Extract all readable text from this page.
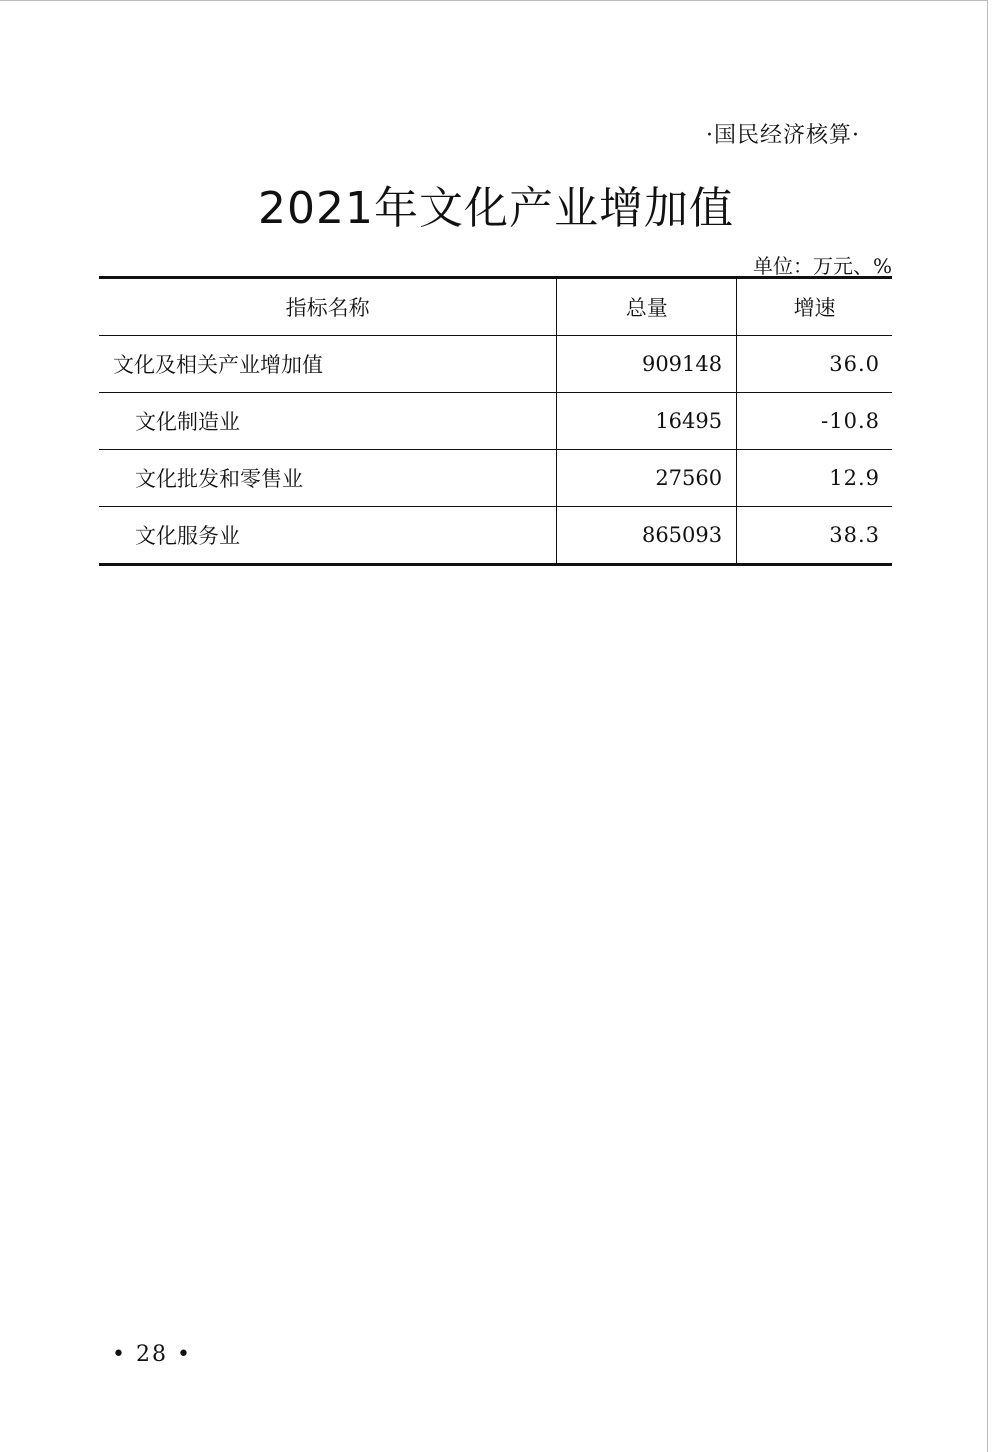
·国民经济核算·
2021年文化产业增加值
单位：万元、%
指标名称	总量	增速
文化及相关产业增加值	909148	36.0
文化制造业	16495	-10.8
文化批发和零售业	27560	12.9
文化服务业	865093	38.3
• 28 •
